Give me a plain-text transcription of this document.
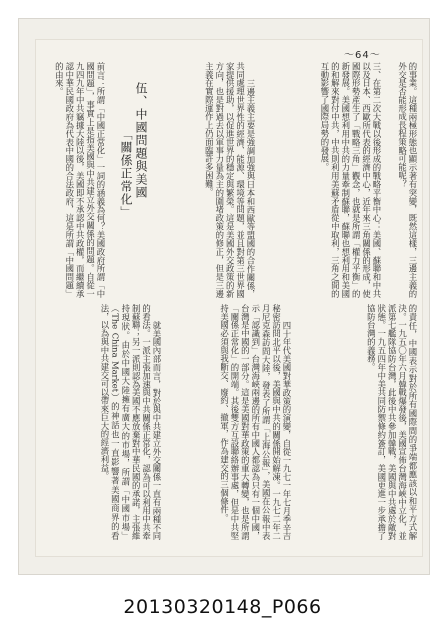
〜64〜

的事業。這種兩極形態也顯示著有突變，既然這樣，三邊主義的外交是否能形成長程策略可能呢？

三、在第二次大戰以後形成的戰略平衡中心：美國、蘇聯和中共以及日本、西歐所代表的經濟中心，近年來三角關係的形成，使國際形勢產生了「戰略三角」觀念，也就是所謂「權力平衡」的新發展。美國想利用中共的力量牽制蘇聯，蘇聯也想利用和美國的和解來對付中共，中共則利用美蘇矛盾從中取利，三角之間的互動影響了國際局勢的發展。

三邊主義主要是強調加強與日本和西歐等盟國的合作關係，共同處理世界性的經濟、能源、環境等問題，並且對第三世界國家提供援助，以促進世界的穩定與繁榮。這是美國外交政策的新方向，也是對過去以軍事力量為主的圍堵政策的修正，但是三邊主義在實際運作上仍面臨許多困難。

伍、中國問題與美國
「關係正常化」

前言：所謂「中國正常化」一詞的涵義為何？美國政府所謂「中國問題」，事實上是指美國與中共建立外交關係的問題。自從一九四九年中共竊據大陸以後，美國即不承認中共政權，而繼續承認中華民國政府為代表中國的合法政府，這是所謂「中國問題」的由來。

的責任，中國表示對於所有國際間的爭端都應該以和平方式解決。一九五〇年六月韓戰爆發後，美國宣佈台灣海峽中立化，並派第七艦隊協防台灣，此後中共參加韓戰，美國與中共處於敵對狀態。一九五四年中美共同防禦條約簽訂，美國更進一步承擔了協防台灣的義務。

四十年代美國對華政策的演變，自從一九七一年七月季辛吉秘密訪問北平以後，美國與中共的關係開始解凍。一九七二年二月尼克森訪問大陸，發表了所謂「上海公報」，美國在公報中表示「認識到」台灣海峽兩邊的所有中國人都認為只有一個中國，台灣是中國的一部分。這是美國對華政策的重大轉變，也是所謂「關係正常化」的開端。其後雙方互設聯絡辦事處，但是中共堅持美國必須與我斷交、廢約、撤軍，作為建交的三個條件。

就美國內部而言，對於與中共建立外交關係一直有兩種不同的看法。一派主張加速與中共關係正常化，認為可以利用中共牽制蘇聯；另一派則認為美國不應放棄對中華民國的承諾，主張維持現狀。由於中國大陸擁有廣大的市場，所謂「中國市場」（The China Market）的神話也一直影響著美國商界的看法，以為與中共建交可以帶來巨大的經濟利益。

20130320148_P066
